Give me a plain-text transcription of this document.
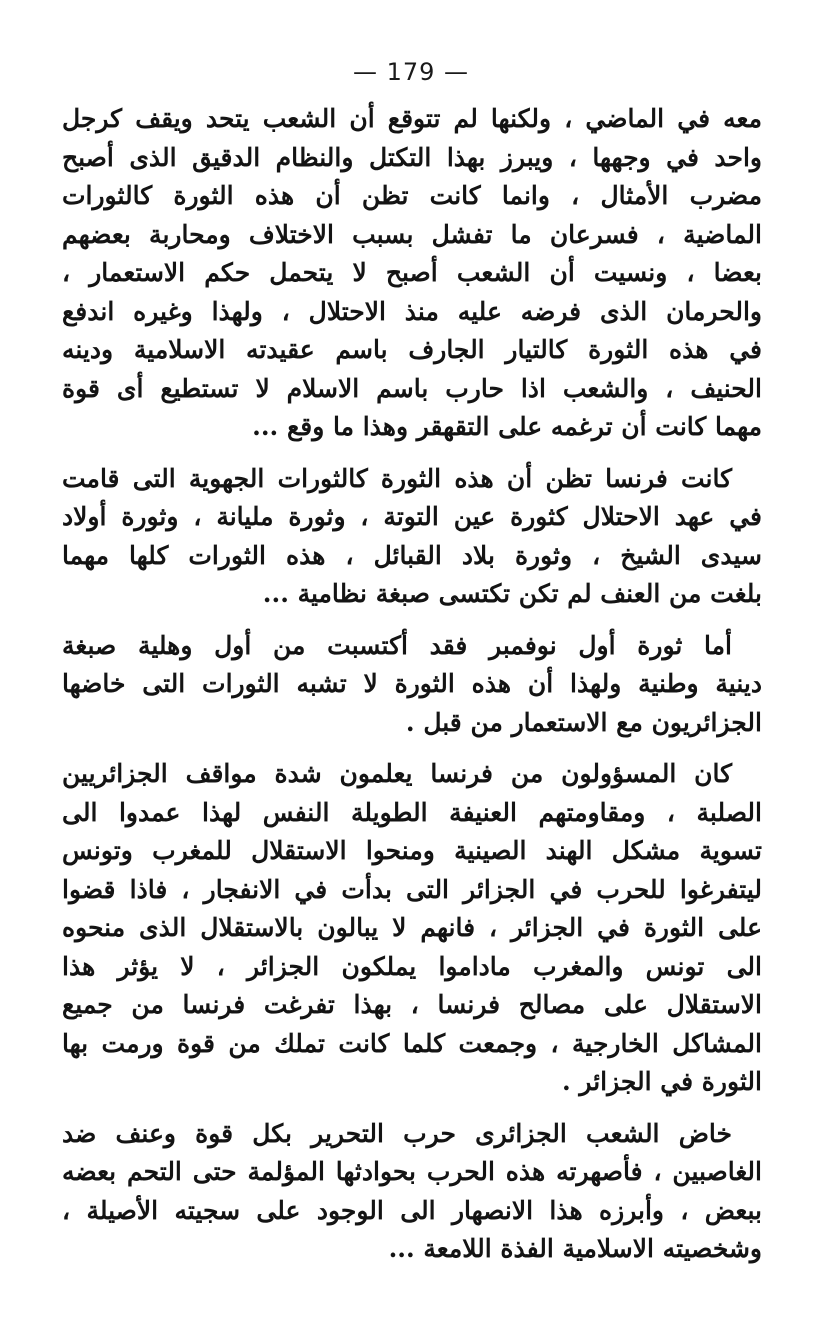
— 179 —
معه في الماضي ، ولكنها لم تتوقع أن الشعب يتحد ويقف كرجل
واحد في وجهها ، ويبرز بهذا التكتل والنظام الدقيق الذى أصبح
مضرب الأمثال ، وانما كانت تظن أن هذه الثورة كالثورات
الماضية ، فسرعان ما تفشل بسبب الاختلاف ومحاربة بعضهم
بعضا ، ونسيت أن الشعب أصبح لا يتحمل حكم الاستعمار ،
والحرمان الذى فرضه عليه منذ الاحتلال ، ولهذا وغيره اندفع
في هذه الثورة كالتيار الجارف باسم عقيدته الاسلامية ودينه
الحنيف ، والشعب اذا حارب باسم الاسلام لا تستطيع أى قوة
مهما كانت أن ترغمه على التقهقر وهذا ما وقع ...
كانت فرنسا تظن أن هذه الثورة كالثورات الجهوية التى قامت
في عهد الاحتلال كثورة عين التوتة ، وثورة مليانة ، وثورة أولاد
سيدى الشيخ ، وثورة بلاد القبائل ، هذه الثورات كلها مهما
بلغت من العنف لم تكن تكتسى صبغة نظامية ...
أما ثورة أول نوفمبر فقد أكتسبت من أول وهلية صبغة
دينية وطنية ولهذا أن هذه الثورة لا تشبه الثورات التى خاضها
الجزائريون مع الاستعمار من قبل .
كان المسؤولون من فرنسا يعلمون شدة مواقف الجزائريين
الصلبة ، ومقاومتهم العنيفة الطويلة النفس لهذا عمدوا الى
تسوية مشكل الهند الصينية ومنحوا الاستقلال للمغرب وتونس
ليتفرغوا للحرب في الجزائر التى بدأت في الانفجار ، فاذا قضوا
على الثورة في الجزائر ، فانهم لا يبالون بالاستقلال الذى منحوه
الى تونس والمغرب ماداموا يملكون الجزائر ، لا يؤثر هذا
الاستقلال على مصالح فرنسا ، بهذا تفرغت فرنسا من جميع
المشاكل الخارجية ، وجمعت كلما كانت تملك من قوة ورمت بها
الثورة في الجزائر .
خاض الشعب الجزائرى حرب التحرير بكل قوة وعنف ضد
الغاصبين ، فأصهرته هذه الحرب بحوادثها المؤلمة حتى التحم بعضه
ببعض ، وأبرزه هذا الانصهار الى الوجود على سجيته الأصيلة ،
وشخصيته الاسلامية الفذة اللامعة ...
